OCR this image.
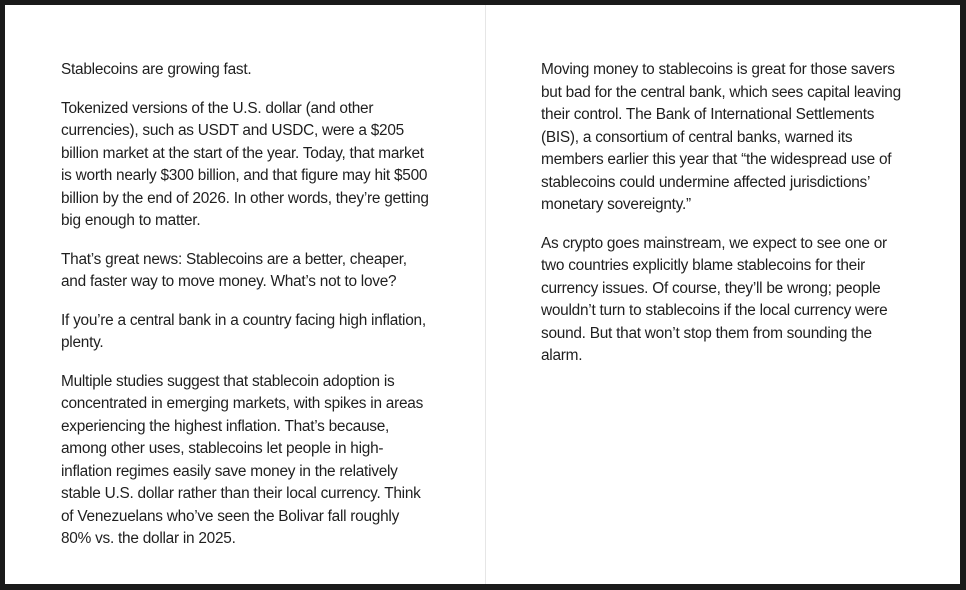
Stablecoins are growing fast.

Tokenized versions of the U.S. dollar (and other currencies), such as USDT and USDC, were a $205 billion market at the start of the year. Today, that market is worth nearly $300 billion, and that figure may hit $500 billion by the end of 2026. In other words, they’re getting big enough to matter.

That’s great news: Stablecoins are a better, cheaper, and faster way to move money. What’s not to love?

If you’re a central bank in a country facing high inflation, plenty.

Multiple studies suggest that stablecoin adoption is concentrated in emerging markets, with spikes in areas experiencing the highest inflation. That’s because, among other uses, stablecoins let people in high-inflation regimes easily save money in the relatively stable U.S. dollar rather than their local currency. Think of Venezuelans who’ve seen the Bolivar fall roughly 80% vs. the dollar in 2025.

Moving money to stablecoins is great for those savers but bad for the central bank, which sees capital leaving their control. The Bank of International Settlements (BIS), a consortium of central banks, warned its members earlier this year that “the widespread use of stablecoins could undermine affected jurisdictions’ monetary sovereignty.”

As crypto goes mainstream, we expect to see one or two countries explicitly blame stablecoins for their currency issues. Of course, they’ll be wrong; people wouldn’t turn to stablecoins if the local currency were sound. But that won’t stop them from sounding the alarm.
